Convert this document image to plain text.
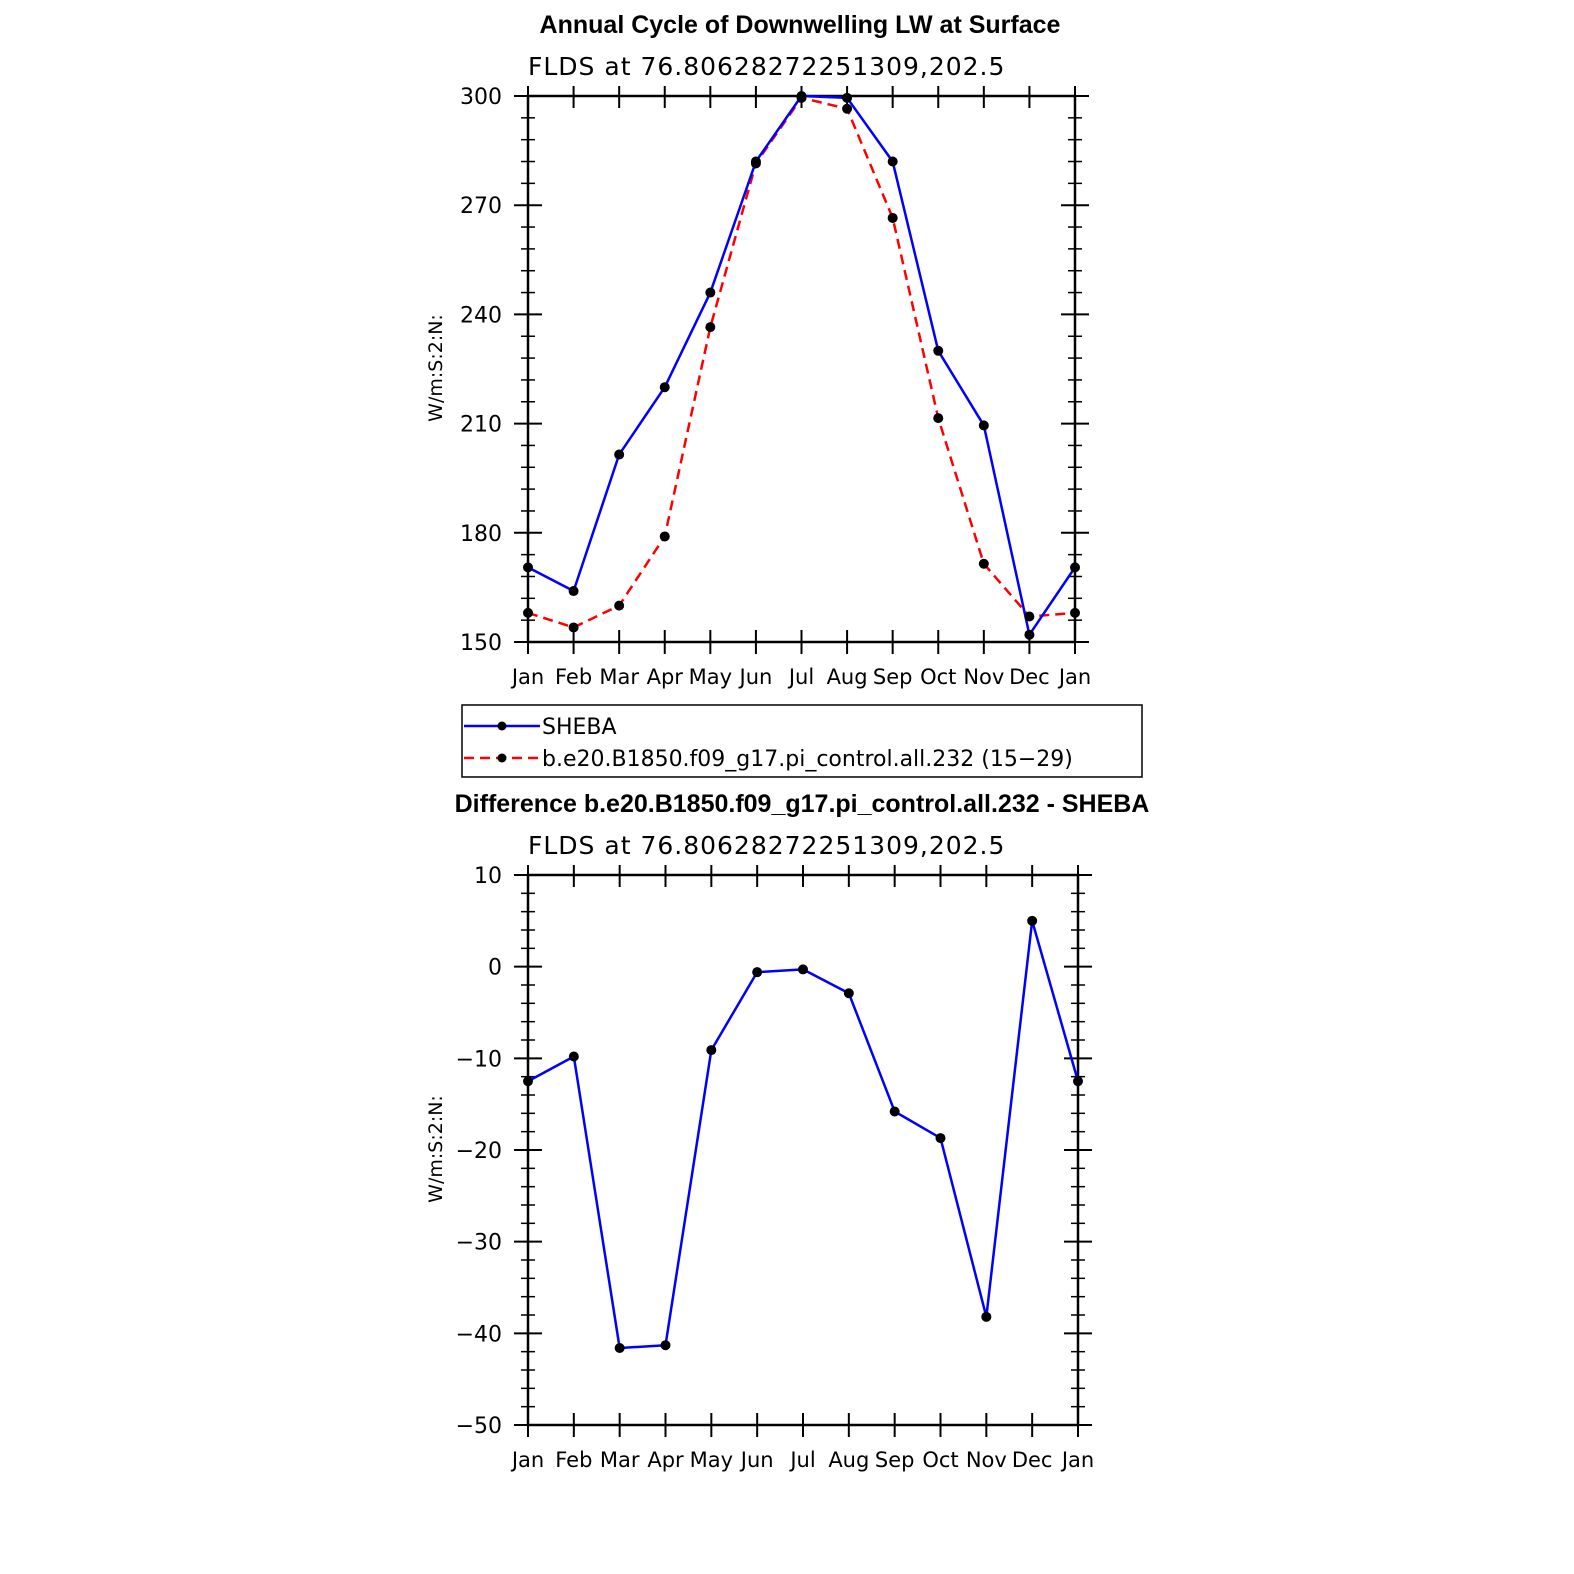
Annual Cycle of Downwelling LW at Surface
FLDS at 76.80628272251309,202.5
W/m:S:2:N:
Jan Feb Mar Apr May Jun Jul Aug Sep Oct Nov Dec Jan
150
180
210
240
270
300
SHEBA
b.e20.B1850.f09_g17.pi_control.all.232 (15−29)
Difference b.e20.B1850.f09_g17.pi_control.all.232 - SHEBA
FLDS at 76.80628272251309,202.5
W/m:S:2:N:
Jan Feb Mar Apr May Jun Jul Aug Sep Oct Nov Dec Jan
−50
−40
−30
−20
−10
0
10
